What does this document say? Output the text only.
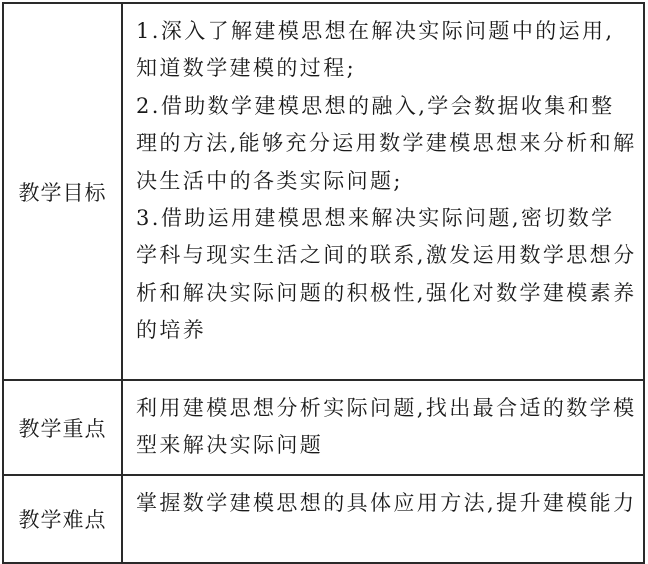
教学目标	1.深入了解建模思想在解决实际问题中的运用,知道数学建模的过程;

2.借助数学建模思想的融入,学会数据收集和整理的方法,能够充分运用数学建模思想来分析和解决生活中的各类实际问题;

3.借助运用建模思想来解决实际问题,密切数学学科与现实生活之间的联系,激发运用数学思想分析和解决实际问题的积极性,强化对数学建模素养的培养

教学重点	利用建模思想分析实际问题,找出最合适的数学模型来解决实际问题

教学难点	掌握数学建模思想的具体应用方法,提升建模能力
